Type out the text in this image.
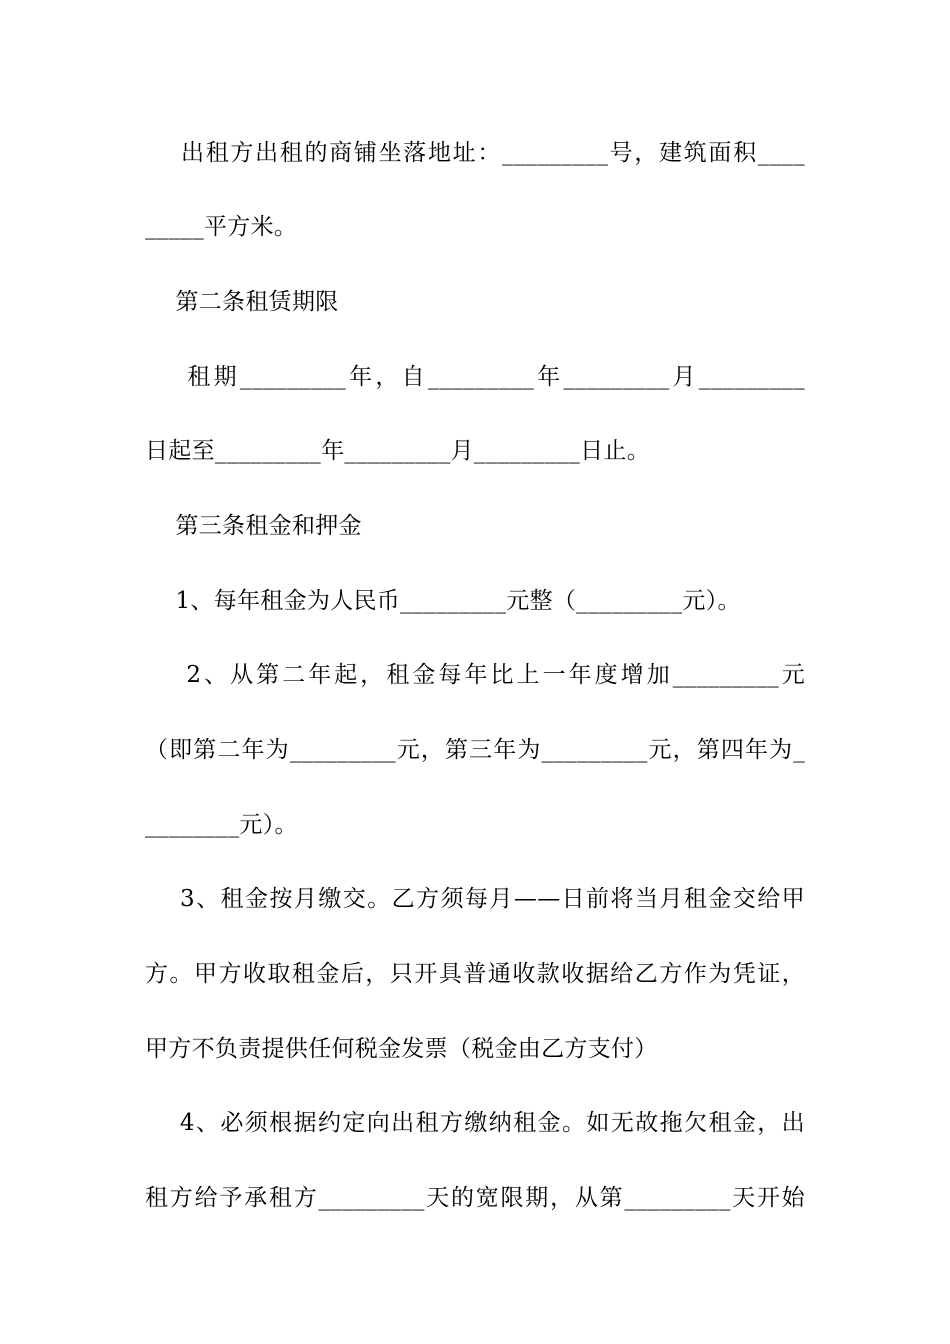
出租方出租的商铺坐落地址：_________号，建筑面积____
_____平方米。
第二条租赁期限
租期_________年，自_________年_________月_________
日起至_________年_________月_________日止。
第三条租金和押金
1、每年租金为人民币_________元整（_________元）。
2、从第二年起，租金每年比上一年度增加_________元
（即第二年为_________元，第三年为_________元，第四年为_
________元）。
3、租金按月缴交。乙方须每月——日前将当月租金交给甲
方。甲方收取租金后，只开具普通收款收据给乙方作为凭证，
甲方不负责提供任何税金发票（税金由乙方支付）
4、必须根据约定向出租方缴纳租金。如无故拖欠租金，出
租方给予承租方_________天的宽限期，从第_________天开始
